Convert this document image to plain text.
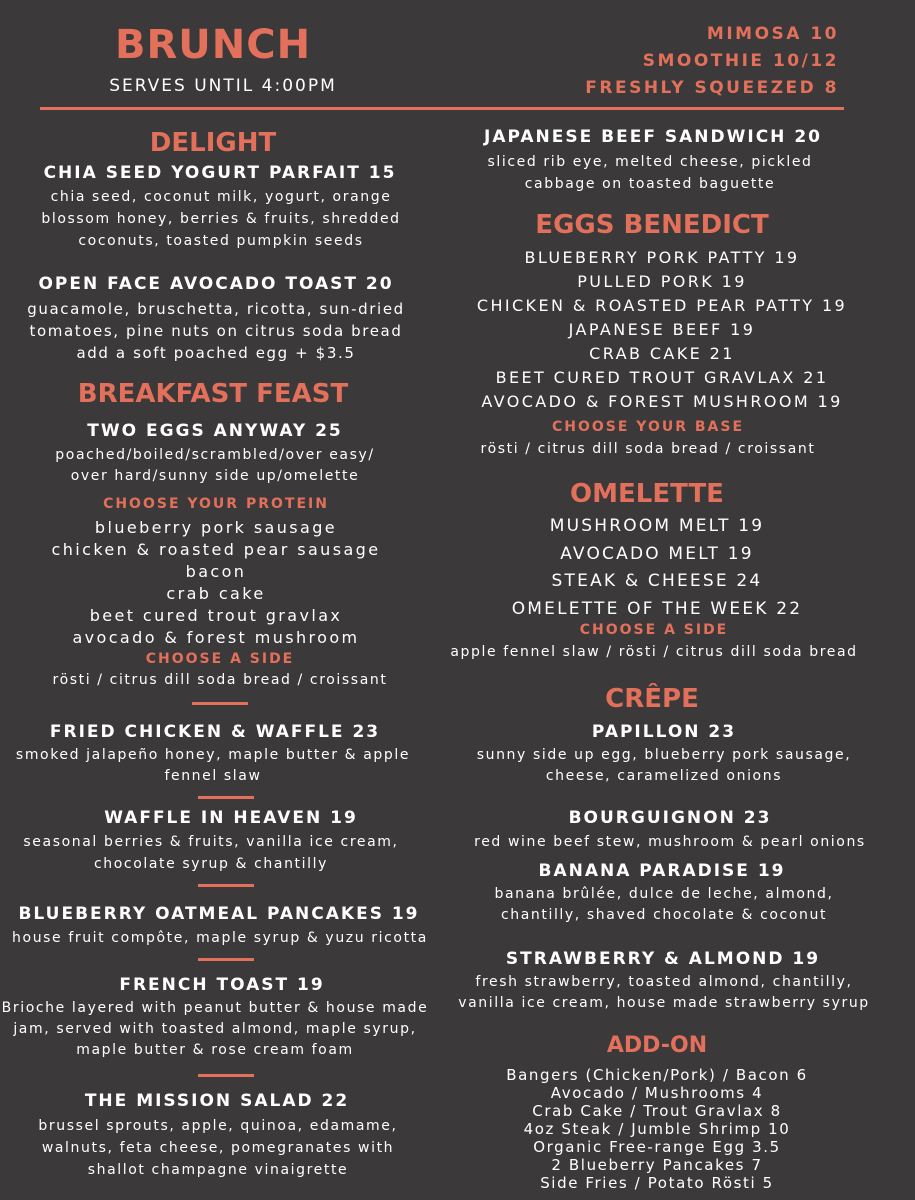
BRUNCH
SERVES UNTIL 4:00PM
MIMOSA 10
SMOOTHIE 10/12
FRESHLY SQUEEZED 8
DELIGHT
CHIA SEED YOGURT PARFAIT 15
chia seed, coconut milk, yogurt, orange
blossom honey, berries & fruits, shredded
coconuts, toasted pumpkin seeds
OPEN FACE AVOCADO TOAST 20
guacamole, bruschetta, ricotta, sun-dried
tomatoes, pine nuts on citrus soda bread
add a soft poached egg + $3.5
BREAKFAST FEAST
TWO EGGS ANYWAY 25
poached/boiled/scrambled/over easy/
over hard/sunny side up/omelette
CHOOSE YOUR PROTEIN
blueberry pork sausage
chicken & roasted pear sausage
bacon
crab cake
beet cured trout gravlax
avocado & forest mushroom
CHOOSE A SIDE
rösti / citrus dill soda bread / croissant
FRIED CHICKEN & WAFFLE 23
smoked jalapeño honey, maple butter & apple
fennel slaw
WAFFLE IN HEAVEN 19
seasonal berries & fruits, vanilla ice cream,
chocolate syrup & chantilly
BLUEBERRY OATMEAL PANCAKES 19
house fruit compôte, maple syrup & yuzu ricotta
FRENCH TOAST 19
Brioche layered with peanut butter & house made
jam, served with toasted almond, maple syrup,
maple butter & rose cream foam
THE MISSION SALAD 22
brussel sprouts, apple, quinoa, edamame,
walnuts, feta cheese, pomegranates with
shallot champagne vinaigrette
JAPANESE BEEF SANDWICH 20
sliced rib eye, melted cheese, pickled
cabbage on toasted baguette
EGGS BENEDICT
BLUEBERRY PORK PATTY 19
PULLED PORK 19
CHICKEN & ROASTED PEAR PATTY 19
JAPANESE BEEF 19
CRAB CAKE 21
BEET CURED TROUT GRAVLAX 21
AVOCADO & FOREST MUSHROOM 19
CHOOSE YOUR BASE
rösti / citrus dill soda bread / croissant
OMELETTE
MUSHROOM MELT 19
AVOCADO MELT 19
STEAK & CHEESE 24
OMELETTE OF THE WEEK 22
CHOOSE A SIDE
apple fennel slaw / rösti / citrus dill soda bread
CRÊPE
PAPILLON 23
sunny side up egg, blueberry pork sausage,
cheese, caramelized onions
BOURGUIGNON 23
red wine beef stew, mushroom & pearl onions
BANANA PARADISE 19
banana brûlée, dulce de leche, almond,
chantilly, shaved chocolate & coconut
STRAWBERRY & ALMOND 19
fresh strawberry, toasted almond, chantilly,
vanilla ice cream, house made strawberry syrup
ADD-ON
Bangers (Chicken/Pork) / Bacon 6
Avocado / Mushrooms 4
Crab Cake / Trout Gravlax 8
4oz Steak / Jumble Shrimp 10
Organic Free-range Egg 3.5
2 Blueberry Pancakes 7
Side Fries / Potato Rösti 5
